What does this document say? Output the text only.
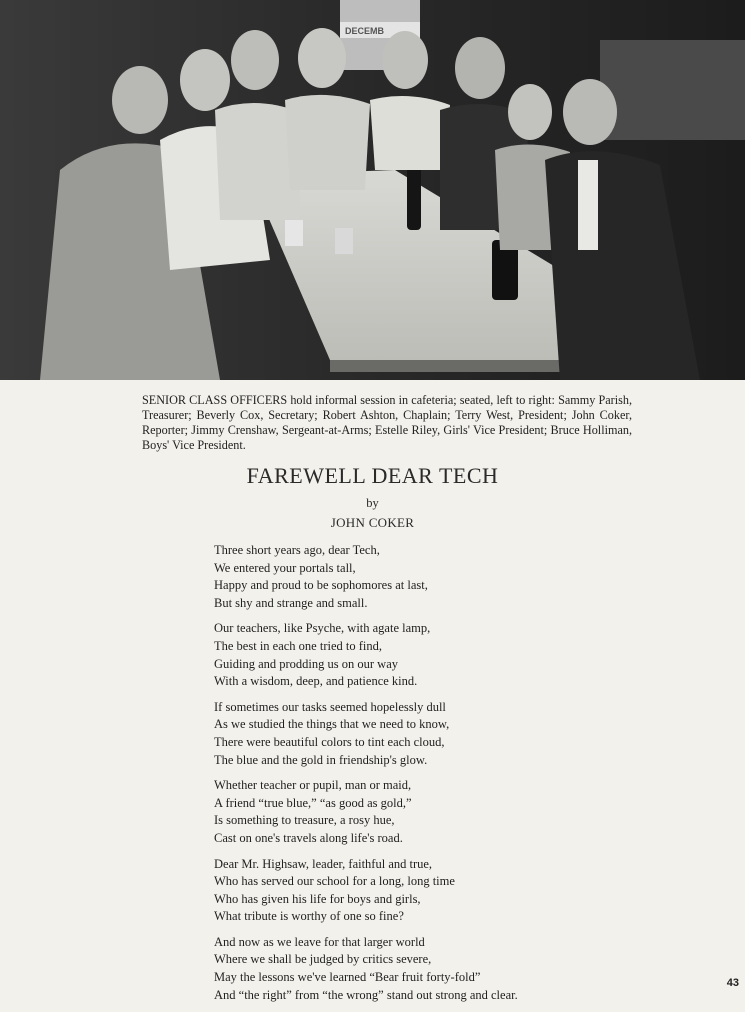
DECEMB
SENIOR CLASS OFFICERS hold informal session in cafeteria; seated, left to right: Sammy Parish, Treasurer; Beverly Cox, Secretary; Robert Ashton, Chaplain; Terry West, President; John Coker, Reporter; Jimmy Crenshaw, Sergeant-at-Arms; Estelle Riley, Girls' Vice President; Bruce Holliman, Boys' Vice President.
FAREWELL DEAR TECH
by
JOHN COKER
Three short years ago, dear Tech,
We entered your portals tall,
Happy and proud to be sophomores at last,
But shy and strange and small.
Our teachers, like Psyche, with agate lamp,
The best in each one tried to find,
Guiding and prodding us on our way
With a wisdom, deep, and patience kind.
If sometimes our tasks seemed hopelessly dull
As we studied the things that we need to know,
There were beautiful colors to tint each cloud,
The blue and the gold in friendship's glow.
Whether teacher or pupil, man or maid,
A friend “true blue,” “as good as gold,”
Is something to treasure, a rosy hue,
Cast on one's travels along life's road.
Dear Mr. Highsaw, leader, faithful and true,
Who has served our school for a long, long time
Who has given his life for boys and girls,
What tribute is worthy of one so fine?
And now as we leave for that larger world
Where we shall be judged by critics severe,
May the lessons we've learned “Bear fruit forty-fold”
And “the right” from “the wrong” stand out strong and clear.
43
